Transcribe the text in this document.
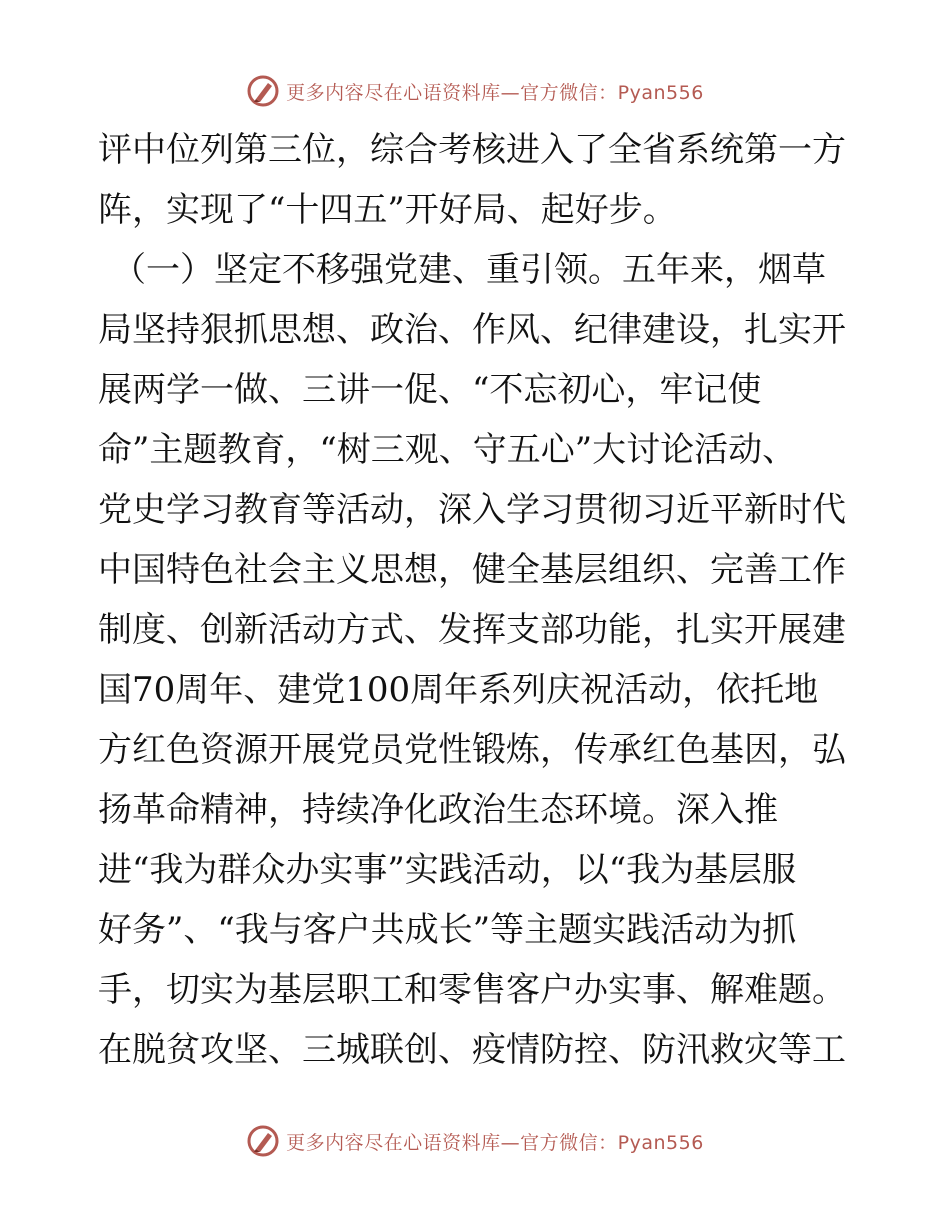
更多内容尽在心语资料库—官方微信：Pyan556
评中位列第三位，综合考核进入了全省系统第一方
阵，实现了“十四五”开好局、起好步。
（一）坚定不移强党建、重引领。五年来，烟草
局坚持狠抓思想、政治、作风、纪律建设，扎实开
展两学一做、三讲一促、“不忘初心，牢记使
命”主题教育，“树三观、守五心”大讨论活动、
党史学习教育等活动，深入学习贯彻习近平新时代
中国特色社会主义思想，健全基层组织、完善工作
制度、创新活动方式、发挥支部功能，扎实开展建
国70周年、建党100周年系列庆祝活动，依托地
方红色资源开展党员党性锻炼，传承红色基因，弘
扬革命精神，持续净化政治生态环境。深入推
进“我为群众办实事”实践活动，以“我为基层服
好务”、“我与客户共成长”等主题实践活动为抓
手，切实为基层职工和零售客户办实事、解难题。
在脱贫攻坚、三城联创、疫情防控、防汛救灾等工
更多内容尽在心语资料库—官方微信：Pyan556
